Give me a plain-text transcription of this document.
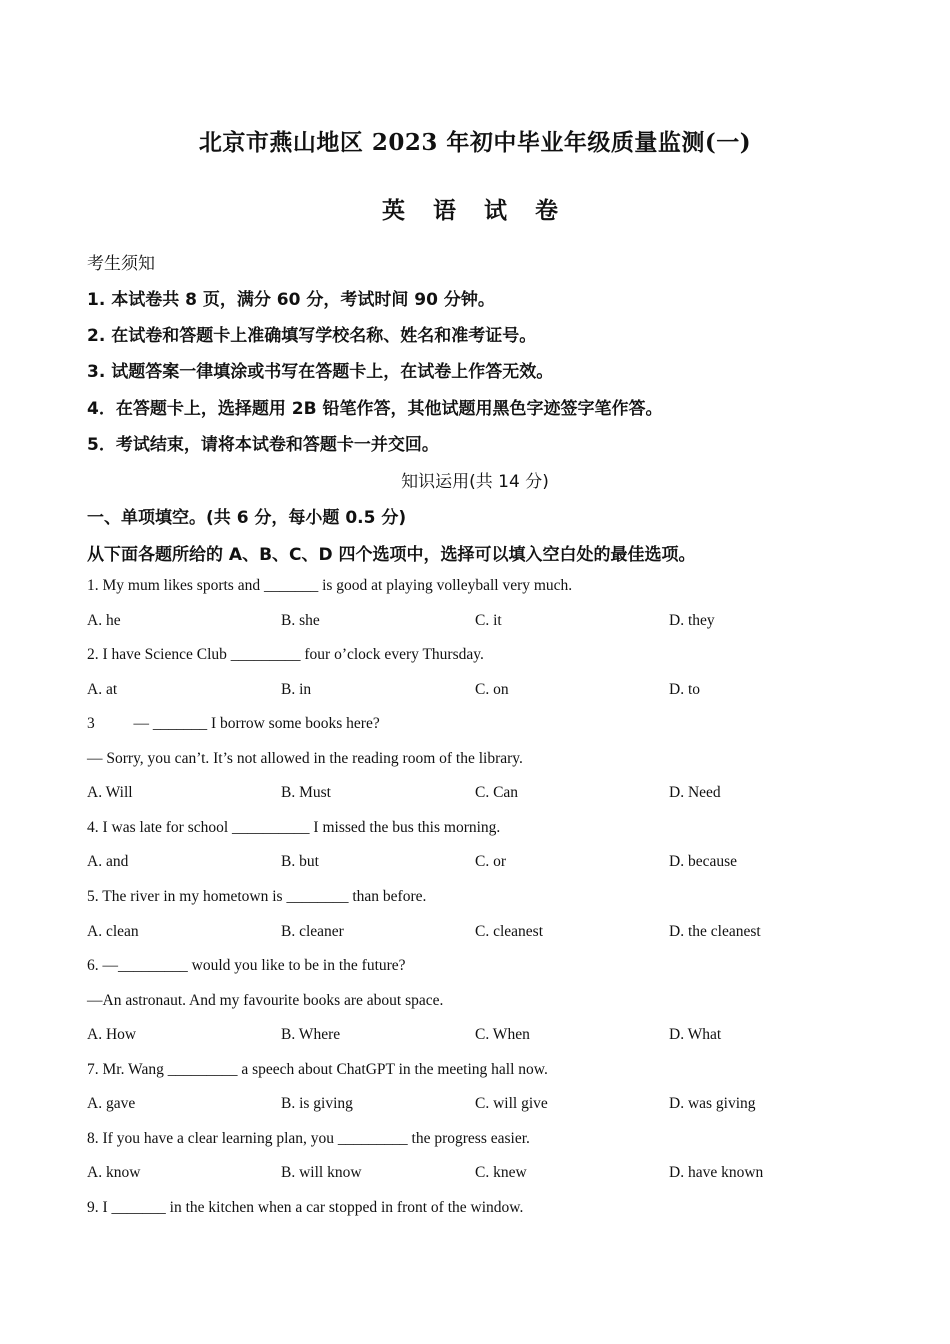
北京市燕山地区 2023 年初中毕业年级质量监测(一)
英 语 试 卷
考生须知
1. 本试卷共 8 页，满分 60 分，考试时间 90 分钟。
2. 在试卷和答题卡上准确填写学校名称、姓名和准考证号。
3. 试题答案一律填涂或书写在答题卡上，在试卷上作答无效。
4．在答题卡上，选择题用 2B 铅笔作答，其他试题用黑色字迹签字笔作答。
5．考试结束，请将本试卷和答题卡一并交回。
知识运用(共 14 分)
一、单项填空。(共 6 分，每小题 0.5 分)
从下面各题所给的 A、B、C、D 四个选项中，选择可以填入空白处的最佳选项。
1. My mum likes sports and _______ is good at playing volleyball very much.
A. he	B. she	C. it	D. they
2. I have Science Club _________ four o’clock every Thursday.
A. at	B. in	C. on	D. to
3          — _______ I borrow some books here?
— Sorry, you can’t. It’s not allowed in the reading room of the library.
A. Will	B. Must	C. Can	D. Need
4. I was late for school __________ I missed the bus this morning.
A. and	B. but	C. or	D. because
5. The river in my hometown is ________ than before.
A. clean	B. cleaner	C. cleanest	D. the cleanest
6. —_________ would you like to be in the future?
—An astronaut. And my favourite books are about space.
A. How	B. Where	C. When	D. What
7. Mr. Wang _________ a speech about ChatGPT in the meeting hall now.
A. gave	B. is giving	C. will give	D. was giving
8. If you have a clear learning plan, you _________ the progress easier.
A. know	B. will know	C. knew	D. have known
9. I _______ in the kitchen when a car stopped in front of the window.
